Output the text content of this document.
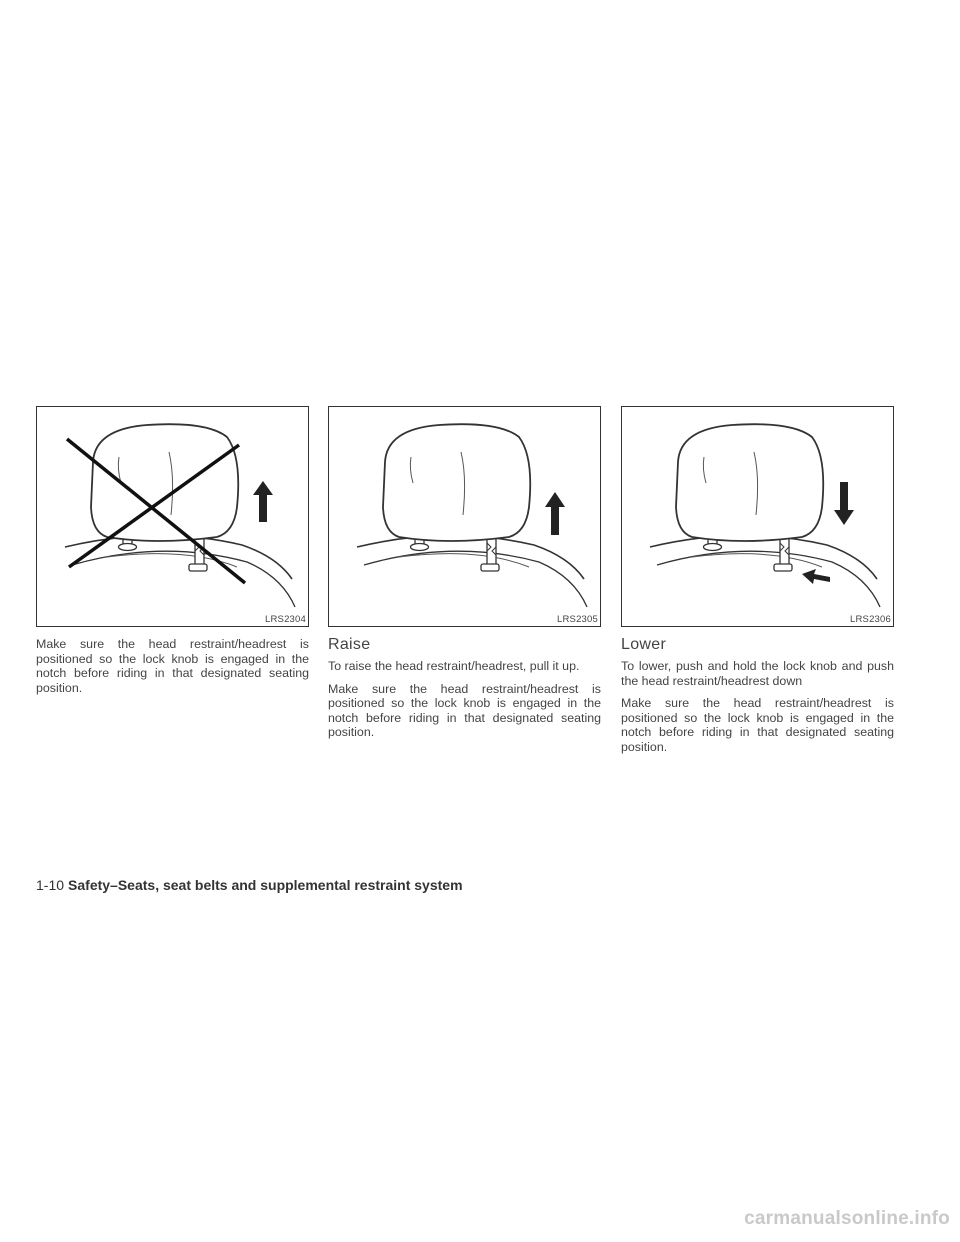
LRS2304

Make sure the head restraint/headrest is positioned so the lock knob is engaged in the notch before riding in that designated seating position.

LRS2305
Raise

To raise the head restraint/headrest, pull it up.

Make sure the head restraint/headrest is positioned so the lock knob is engaged in the notch before riding in that designated seating position.

LRS2306
Lower

To lower, push and hold the lock knob and push the head restraint/headrest down

Make sure the head restraint/headrest is positioned so the lock knob is engaged in the notch before riding in that designated seating position.

1-10 Safety–Seats, seat belts and supplemental restraint system
carmanualsonline.info
